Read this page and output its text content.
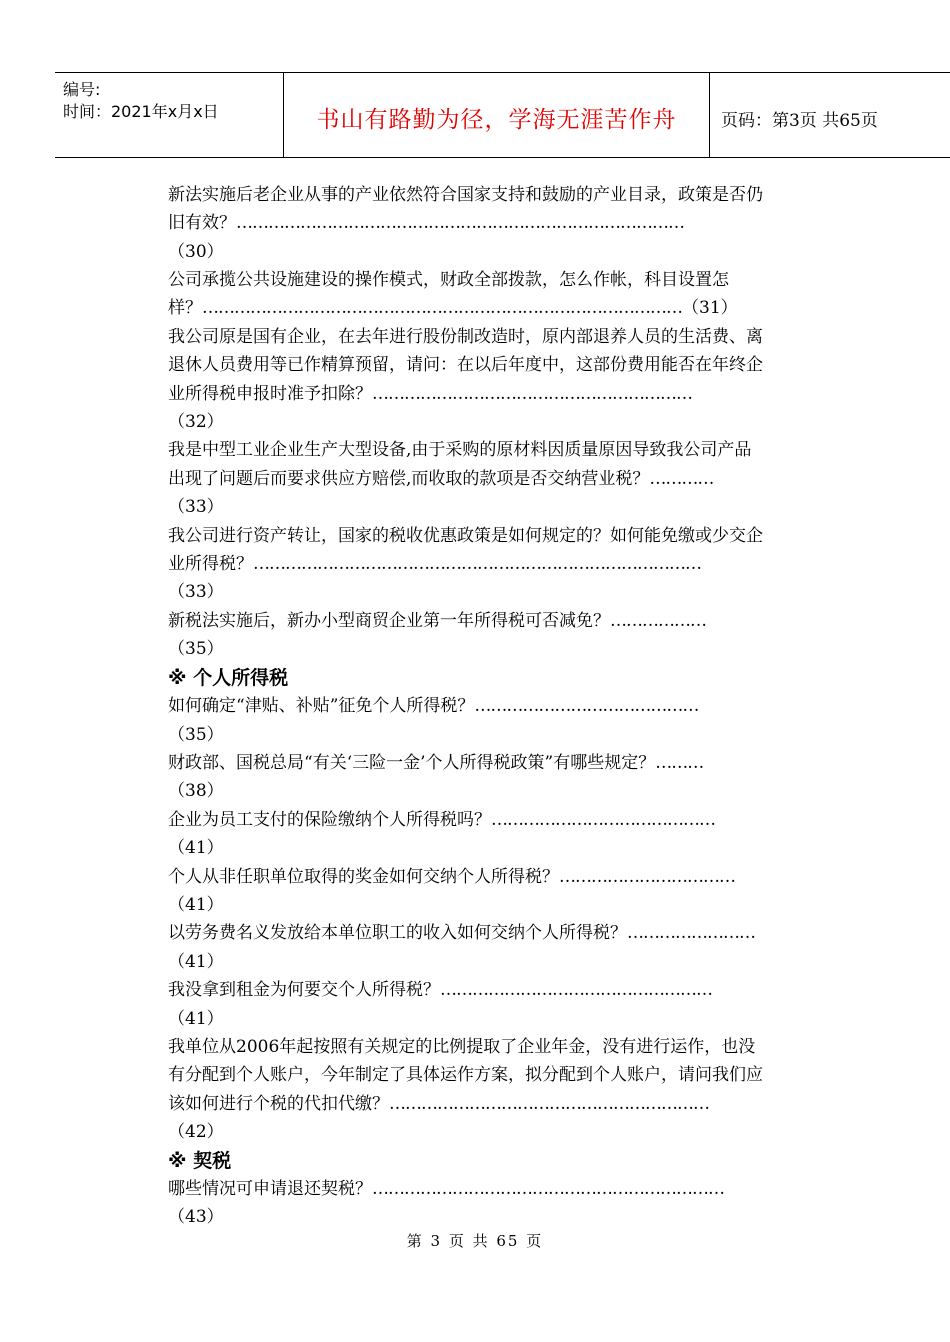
编号:
时间：2021年x月x日	书山有路勤为径，学海无涯苦作舟	页码：第3页 共65页
新法实施后老企业从事的产业依然符合国家支持和鼓励的产业目录，政策是否仍
旧有效？…………………………………………………………………………
（30）
公司承揽公共设施建设的操作模式，财政全部拨款，怎么作帐，科目设置怎
样？………………………………………………………………………………（31）
我公司原是国有企业，在去年进行股份制改造时，原内部退养人员的生活费、离
退休人员费用等已作精算预留，请问：在以后年度中，这部份费用能否在年终企
业所得税申报时准予扣除？……………………………………………………
（32）
我是中型工业企业生产大型设备,由于采购的原材料因质量原因导致我公司产品
出现了问题后而要求供应方赔偿,而收取的款项是否交纳营业税？…………
（33）
我公司进行资产转让，国家的税收优惠政策是如何规定的？如何能免缴或少交企
业所得税？…………………………………………………………………………
（33）
新税法实施后，新办小型商贸企业第一年所得税可否减免？………………
（35）
※ 个人所得税
如何确定“津贴、补贴”征免个人所得税？……………………………………
（35）
财政部、国税总局“有关‘三险一金’个人所得税政策”有哪些规定？………
（38）
企业为员工支付的保险缴纳个人所得税吗？……………………………………
（41）
个人从非任职单位取得的奖金如何交纳个人所得税？……………………………
（41）
以劳务费名义发放给本单位职工的收入如何交纳个人所得税？……………………
（41）
我没拿到租金为何要交个人所得税？……………………………………………
（41）
我单位从2006年起按照有关规定的比例提取了企业年金，没有进行运作，也没
有分配到个人账户，今年制定了具体运作方案，拟分配到个人账户，请问我们应
该如何进行个税的代扣代缴？……………………………………………………
（42）
※ 契税
哪些情况可申请退还契税？…………………………………………………………
（43）
第 3 页 共 65 页
